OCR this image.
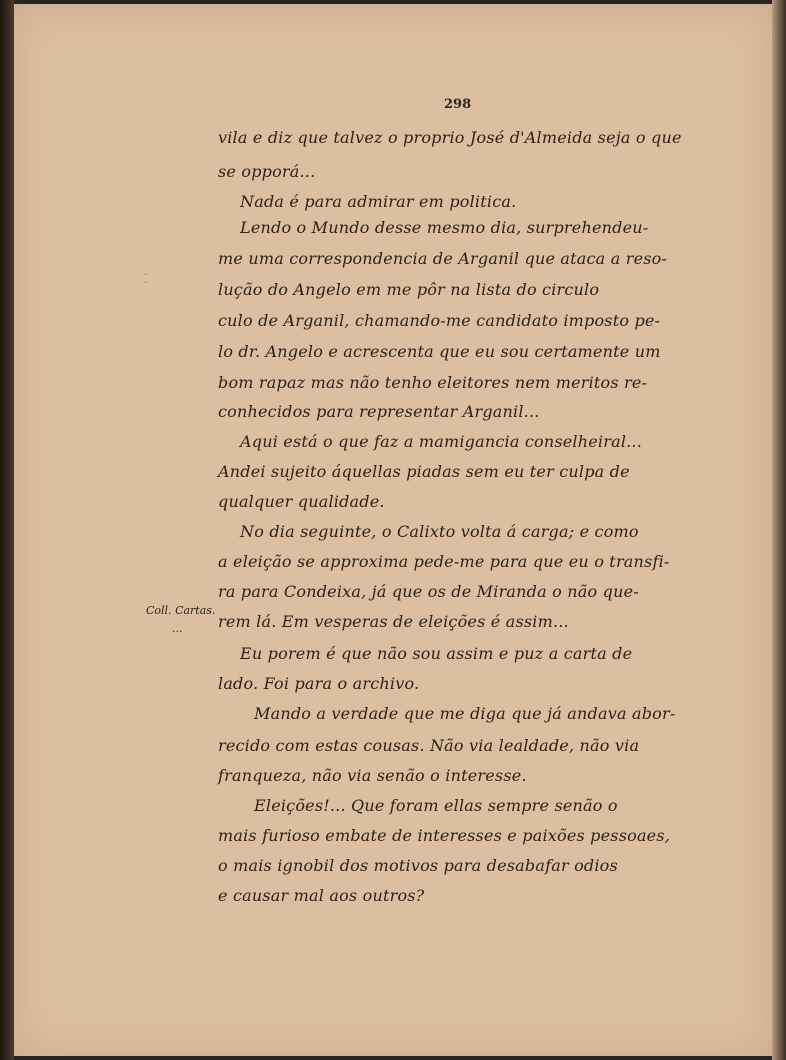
298
·
·
vila e diz que talvez o proprio José d'Almeida seja o que
se opporá...
Nada é para admirar em politica.
Lendo o Mundo desse mesmo dia, surprehendeu-
me uma correspondencia de Arganil que ataca a reso-
lução do Angelo em me pôr na lista do circulo
culo de Arganil, chamando-me candidato imposto pe-
lo dr. Angelo e acrescenta que eu sou certamente um
bom rapaz mas não tenho eleitores nem meritos re-
conhecidos para representar Arganil...
Aqui está o que faz a mamigancia conselheiral...
Andei sujeito áquellas piadas sem eu ter culpa de
qualquer qualidade.
No dia seguinte, o Calixto volta á carga; e como
a eleição se approxima pede-me para que eu o transfi-
ra para Condeixa, já que os de Miranda o não que-
rem lá. Em vesperas de eleições é assim...
Eu porem é que não sou assim e puz a carta de
lado. Foi para o archivo.
Mando a verdade que me diga que já andava abor-
recido com estas cousas. Não via lealdade, não via
franqueza, não via senão o interesse.
Eleições!... Que foram ellas sempre senão o
mais furioso embate de interesses e paixões pessoaes,
o mais ignobil dos motivos para desabafar odios
e causar mal aos outros?
Coll. Cartas.
...
